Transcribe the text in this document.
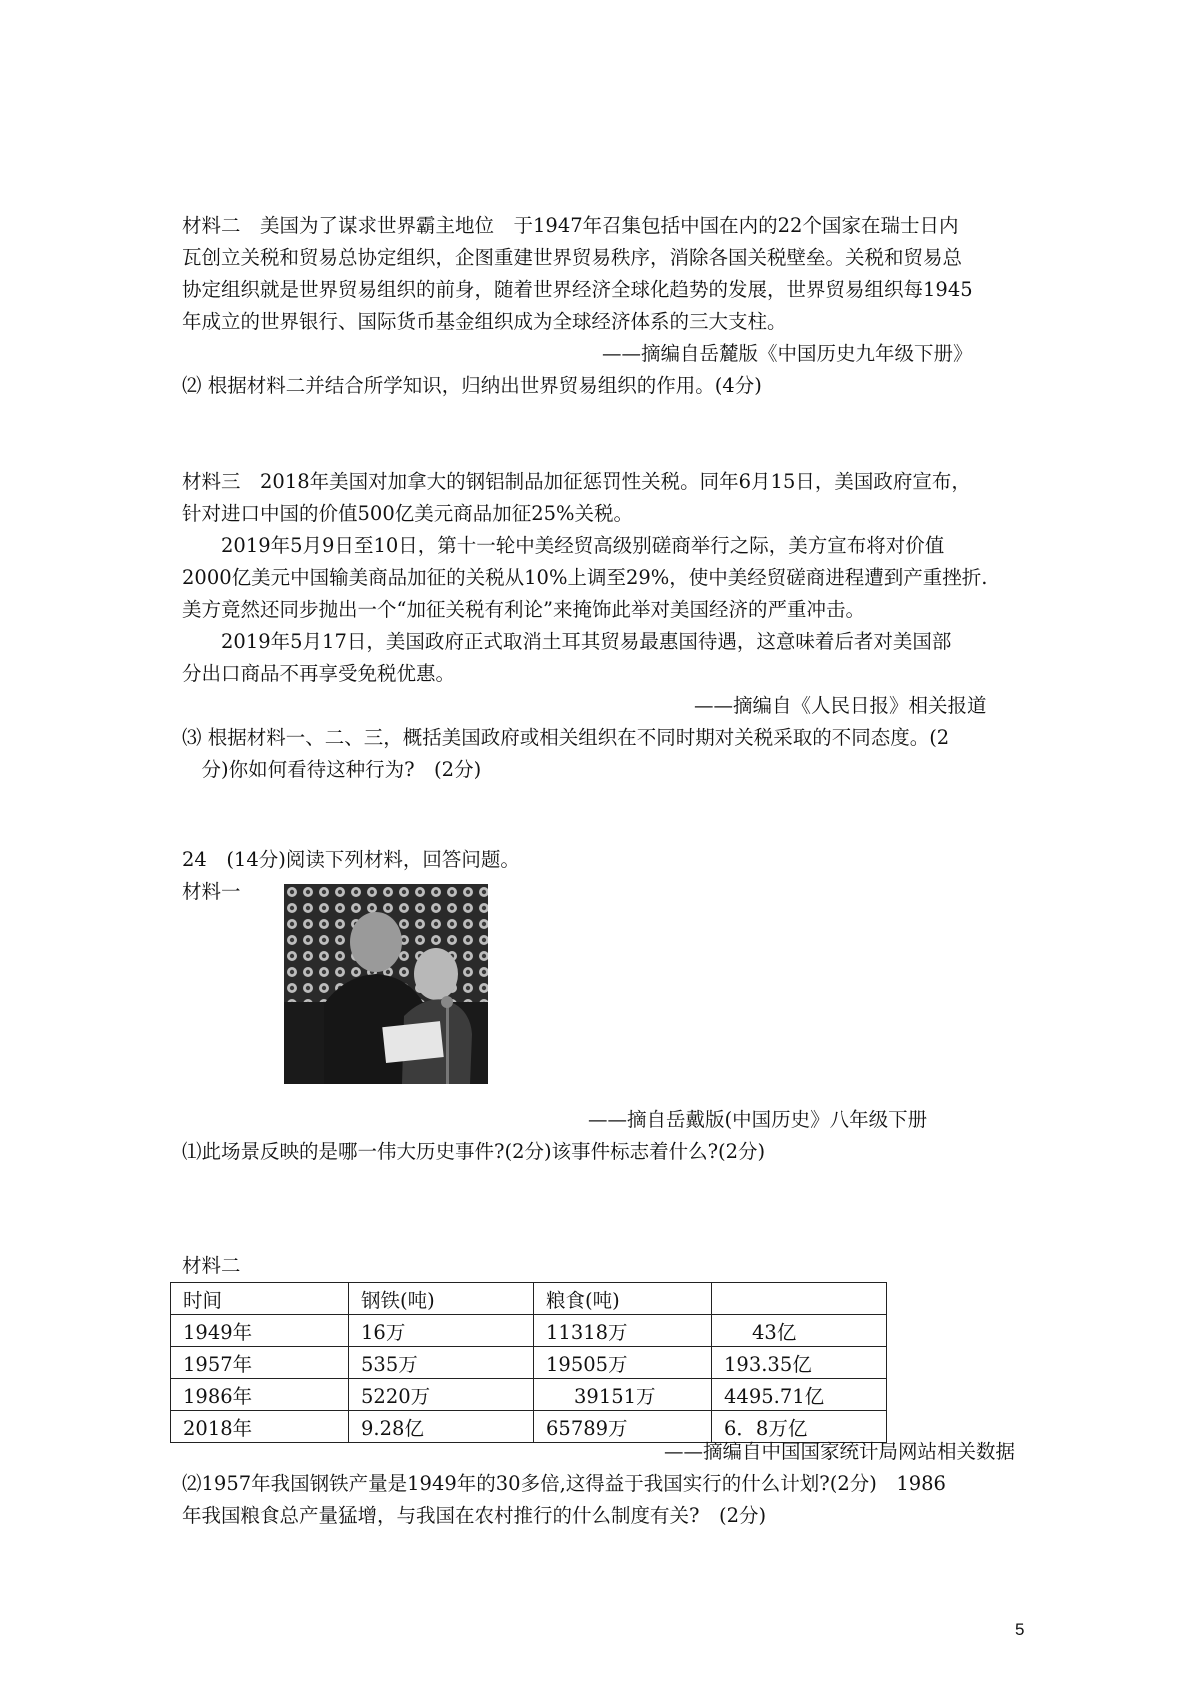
材料二　美国为了谋求世界霸主地位　于1947年召集包括中国在内的22个国家在瑞士日内
瓦创立关税和贸易总协定组织，企图重建世界贸易秩序，消除各国关税壁垒。关税和贸易总
协定组织就是世界贸易组织的前身，随着世界经济全球化趋势的发展，世界贸易组织每1945
年成立的世界银行、国际货币基金组织成为全球经济体系的三大支柱。
——摘编自岳麓版《中国历史九年级下册》
⑵ 根据材料二并结合所学知识，归纳出世界贸易组织的作用。(4分)
材料三　2018年美国对加拿大的钢铝制品加征惩罚性关税。同年6月15日，美国政府宣布，
针对进口中国的价值500亿美元商品加征25%关税。
　　2019年5月9日至10日，第十一轮中美经贸高级别磋商举行之际，美方宣布将对价值
2000亿美元中国输美商品加征的关税从10%上调至29%，使中美经贸磋商进程遭到产重挫折.
美方竟然还同步抛出一个“加征关税有利论”来掩饰此举对美国经济的严重冲击。
　　2019年5月17日，美国政府正式取消土耳其贸易最惠国待遇，这意味着后者对美国部
分出口商品不再享受免税优惠。
——摘编自《人民日报》相关报道
⑶ 根据材料一、二、三，概括美国政府或相关组织在不同时期对关税采取的不同态度。(2
　分)你如何看待这种行为?　(2分)
24　(14分)阅读下列材料，回答问题。
材料一
——摘自岳戴版(中国历史》八年级下册
⑴此场景反映的是哪一伟大历史事件?(2分)该事件标志着什么?(2分)
材料二
时间	钢铁(吨)	粮食(吨)	
1949年	16万	11318万	43亿
1957年	535万	19505万	193.35亿
1986年	5220万	39151万	4495.71亿
2018年	9.28亿	65789万	6．8万亿
——摘编自中国国家统计局网站相关数据
⑵1957年我国钢铁产量是1949年的30多倍,这得益于我国实行的什么计划?(2分)　1986
年我国粮食总产量猛增，与我国在农村推行的什么制度有关?　(2分)
5
